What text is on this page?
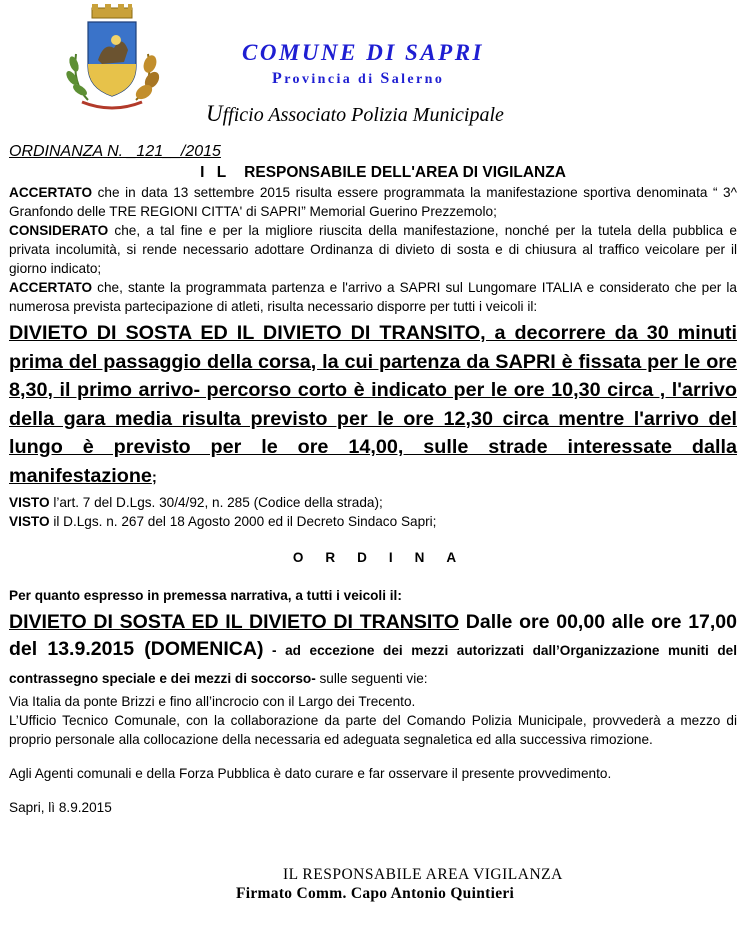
COMUNE DI SAPRI
Provincia di Salerno
Ufficio Associato Polizia Municipale
ORDINANZA N. _121__/2015
I L RESPONSABILE DELL'AREA DI VIGILANZA

ACCERTATO che in data 13 settembre 2015 risulta essere programmata la manifestazione sportiva denominata “ 3^ Granfondo delle TRE REGIONI CITTA' di SAPRI” Memorial Guerino Prezzemolo;

CONSIDERATO che, a tal fine e per la migliore riuscita della manifestazione, nonché per la tutela della pubblica e privata incolumità, si rende necessario adottare Ordinanza di divieto di sosta e di chiusura al traffico veicolare per il giorno indicato;

ACCERTATO che, stante la programmata partenza e l'arrivo a SAPRI sul Lungomare ITALIA e considerato che per la numerosa prevista partecipazione di atleti, risulta necessario disporre per tutti i veicoli il:

DIVIETO DI SOSTA ED IL DIVIETO DI TRANSITO, a decorrere da 30 minuti prima del passaggio della corsa, la cui partenza da SAPRI è fissata per le ore 8,30, il primo arrivo- percorso corto è indicato per le ore 10,30 circa , l'arrivo della gara media risulta previsto per le ore 12,30 circa mentre l'arrivo del lungo è previsto per le ore 14,00, sulle strade interessate dalla manifestazione;

VISTO l’art. 7 del D.Lgs. 30/4/92, n. 285 (Codice della strada);

VISTO il D.Lgs. n. 267 del 18 Agosto 2000 ed il Decreto Sindaco Sapri;

ORDINA

Per quanto espresso in premessa narrativa, a tutti i veicoli il:

DIVIETO DI SOSTA ED IL DIVIETO DI TRANSITO Dalle ore 00,00 alle ore 17,00 del 13.9.2015 (DOMENICA) - ad eccezione dei mezzi autorizzati dall’Organizzazione muniti del contrassegno speciale e dei mezzi di soccorso- sulle seguenti vie:

Via Italia da ponte Brizzi e fino all’incrocio con il Largo dei Trecento.

L’Ufficio Tecnico Comunale, con la collaborazione da parte del Comando Polizia Municipale, provvederà a mezzo di proprio personale alla collocazione della necessaria ed adeguata segnaletica ed alla successiva rimozione.

Agli Agenti comunali e della Forza Pubblica è dato curare e far osservare il presente provvedimento.

Sapri, lì 8.9.2015

IL RESPONSABILE AREA VIGILANZA
Firmato Comm. Capo Antonio Quintieri
